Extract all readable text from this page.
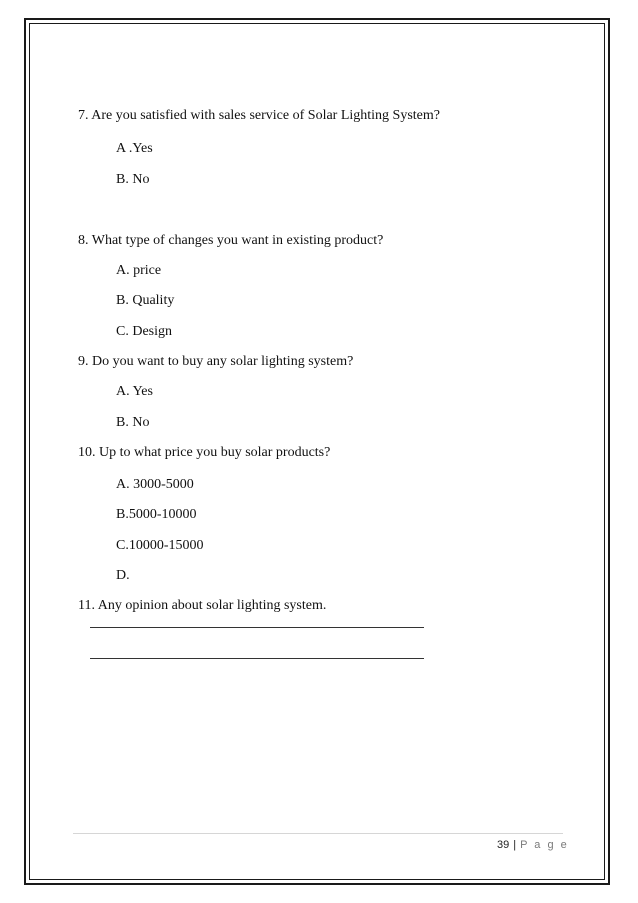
7. Are you satisfied with sales service of Solar Lighting System?
A .Yes
B. No
8. What type of changes you want in existing product?
A. price
B. Quality
C. Design
9. Do you want to buy any solar lighting system?
A. Yes
B. No
10. Up to what price you buy solar products?
A. 3000-5000
B.5000-10000
C.10000-15000
D.
11. Any opinion about solar lighting system.
39 | P a g e
